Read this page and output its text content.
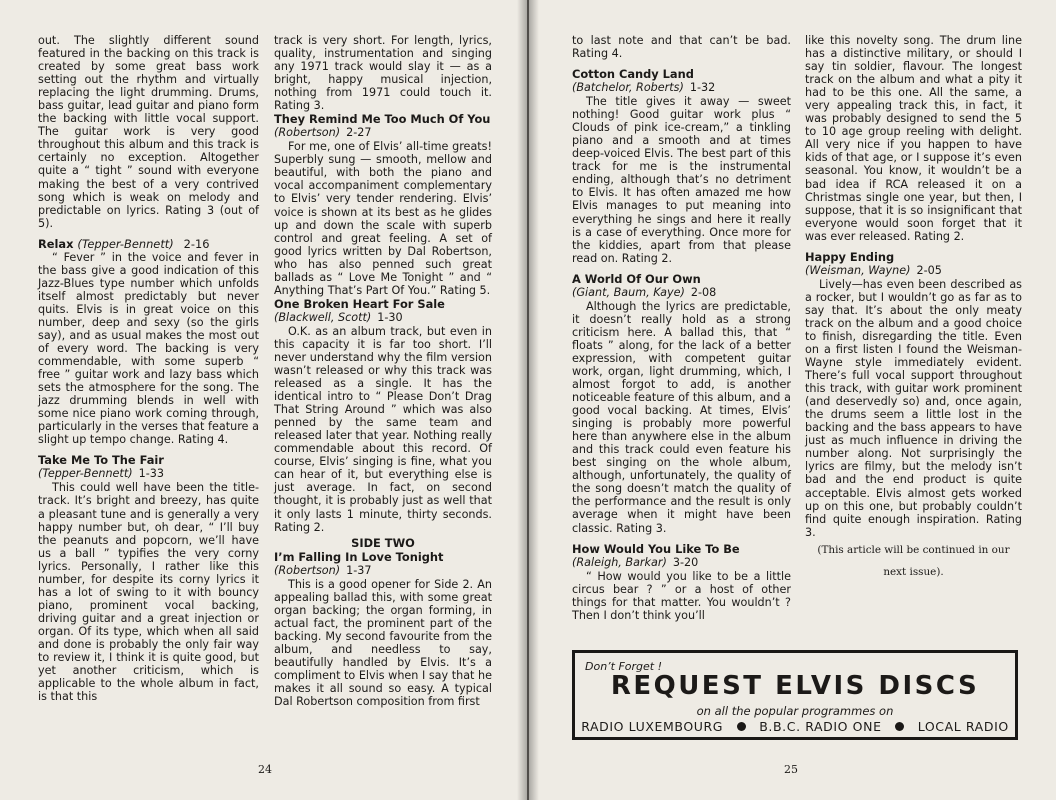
out. The slightly different sound featured in the backing on this track is created by some great bass work setting out the rhythm and virtually replacing the light drumming. Drums, bass guitar, lead guitar and piano form the backing with little vocal support. The guitar work is very good throughout this album and this track is certainly no exception. Altogether quite a “ tight ” sound with everyone making the best of a very contrived song which is weak on melody and predictable on lyrics. Rating 3 (out of 5).

Relax (Tepper-Bennett) 2-16

“ Fever ” in the voice and fever in the bass give a good indication of this Jazz-Blues type number which unfolds itself almost predictably but never quits. Elvis is in great voice on this number, deep and sexy (so the girls say), and as usual makes the most out of every word. The backing is very commendable, with some superb “ free ” guitar work and lazy bass which sets the atmosphere for the song. The jazz drumming blends in well with some nice piano work coming through, particularly in the verses that feature a slight up tempo change. Rating 4.

Take Me To The Fair
(Tepper-Bennett) 1-33

This could well have been the title-track. It’s bright and breezy, has quite a pleasant tune and is generally a very happy number but, oh dear, “ I’ll buy the peanuts and popcorn, we’ll have us a ball ” typifies the very corny lyrics. Personally, I rather like this number, for despite its corny lyrics it has a lot of swing to it with bouncy piano, prominent vocal backing, driving guitar and a great injection or organ. Of its type, which when all said and done is probably the only fair way to review it, I think it is quite good, but yet another criticism, which is applicable to the whole album in fact, is that this

track is very short. For length, lyrics, quality, instrumentation and singing any 1971 track would slay it — as a bright, happy musical injection, nothing from 1971 could touch it. Rating 3.

They Remind Me Too Much Of You
(Robertson) 2-27

For me, one of Elvis’ all-time greats! Superbly sung — smooth, mellow and beautiful, with both the piano and vocal accompaniment complementary to Elvis’ very tender rendering. Elvis’ voice is shown at its best as he glides up and down the scale with superb control and great feeling. A set of good lyrics written by Dal Robertson, who has also penned such great ballads as “ Love Me Tonight ” and “ Anything That’s Part Of You.” Rating 5.

One Broken Heart For Sale
(Blackwell, Scott) 1-30

O.K. as an album track, but even in this capacity it is far too short. I’ll never understand why the film version wasn’t released or why this track was released as a single. It has the identical intro to “ Please Don’t Drag That String Around ” which was also penned by the same team and released later that year. Nothing really commendable about this record. Of course, Elvis’ singing is fine, what you can hear of it, but everything else is just average. In fact, on second thought, it is probably just as well that it only lasts 1 minute, thirty seconds. Rating 2.

SIDE TWO
I’m Falling In Love Tonight
(Robertson) 1-37

This is a good opener for Side 2. An appealing ballad this, with some great organ backing; the organ forming, in actual fact, the prominent part of the backing. My second favourite from the album, and needless to say, beautifully handled by Elvis. It’s a compliment to Elvis when I say that he makes it all sound so easy. A typical Dal Robertson composition from first

24

to last note and that can’t be bad. Rating 4.

Cotton Candy Land
(Batchelor, Roberts) 1-32

The title gives it away — sweet nothing! Good guitar work plus “ Clouds of pink ice-cream,” a tinkling piano and a smooth and at times deep-voiced Elvis. The best part of this track for me is the instrumental ending, although that’s no detriment to Elvis. It has often amazed me how Elvis manages to put meaning into everything he sings and here it really is a case of everything. Once more for the kiddies, apart from that please read on. Rating 2.

A World Of Our Own
(Giant, Baum, Kaye) 2-08

Although the lyrics are predictable, it doesn’t really hold as a strong criticism here. A ballad this, that “ floats ” along, for the lack of a better expression, with competent guitar work, organ, light drumming, which, I almost forgot to add, is another noticeable feature of this album, and a good vocal backing. At times, Elvis’ singing is probably more powerful here than anywhere else in the album and this track could even feature his best singing on the whole album, although, unfortunately, the quality of the song doesn’t match the quality of the performance and the result is only average when it might have been classic. Rating 3.

How Would You Like To Be
(Raleigh, Barkar) 3-20

“ How would you like to be a little circus bear ? ” or a host of other things for that matter. You wouldn’t ? Then I don’t think you’ll

like this novelty song. The drum line has a distinctive military, or should I say tin soldier, flavour. The longest track on the album and what a pity it had to be this one. All the same, a very appealing track this, in fact, it was probably designed to send the 5 to 10 age group reeling with delight. All very nice if you happen to have kids of that age, or I suppose it’s even seasonal. You know, it wouldn’t be a bad idea if RCA released it on a Christmas single one year, but then, I suppose, that it is so insignificant that everyone would soon forget that it was ever released. Rating 2.

Happy Ending
(Weisman, Wayne) 2-05

Lively—has even been described as a rocker, but I wouldn’t go as far as to say that. It’s about the only meaty track on the album and a good choice to finish, disregarding the title. Even on a first listen I found the Weisman-Wayne style immediately evident. There’s full vocal support throughout this track, with guitar work prominent (and deservedly so) and, once again, the drums seem a little lost in the backing and the bass appears to have just as much influence in driving the number along. Not surprisingly the lyrics are filmy, but the melody isn’t bad and the end product is quite acceptable. Elvis almost gets worked up on this one, but probably couldn’t find quite enough inspiration. Rating 3.

(This article will be continued in our next issue).

25
Don’t Forget !
REQUEST ELVIS DISCS
on all the popular programmes on
RADIO LUXEMBOURG	B.B.C. RADIO ONE	LOCAL RADIO
